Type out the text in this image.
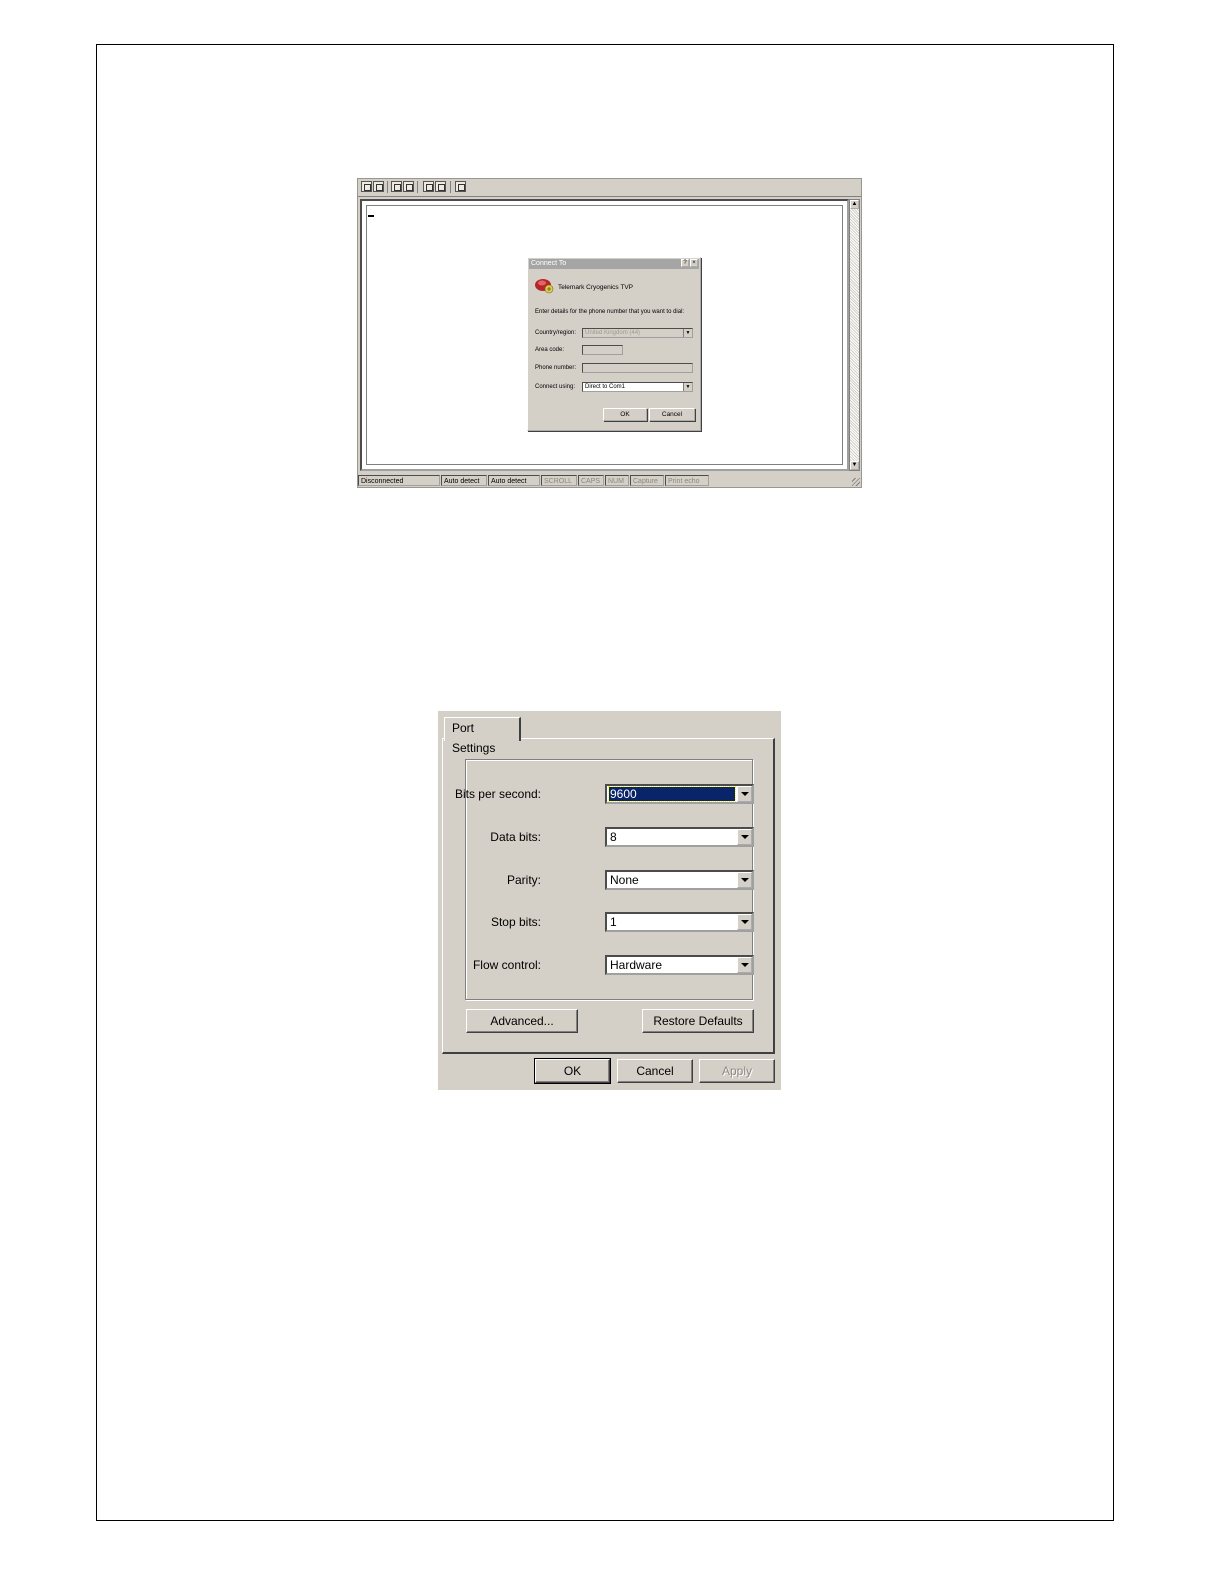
Connect To	? ×
Telemark Cryogenics TVP
Enter details for the phone number that you want to dial:
Country/region:	United Kingdom (44)	▼
Area code:
Phone number:
Connect using:	Direct to Com1	▼
OK	Cancel
▲
▼
Disconnected	Auto detect	Auto detect	SCROLL	CAPS	NUM	Capture	Print echo
Port Settings
Bits per second:	9600
Data bits:	8
Parity:	None
Stop bits:	1
Flow control:	Hardware
Advanced...	Restore Defaults
OK	Cancel	Apply
